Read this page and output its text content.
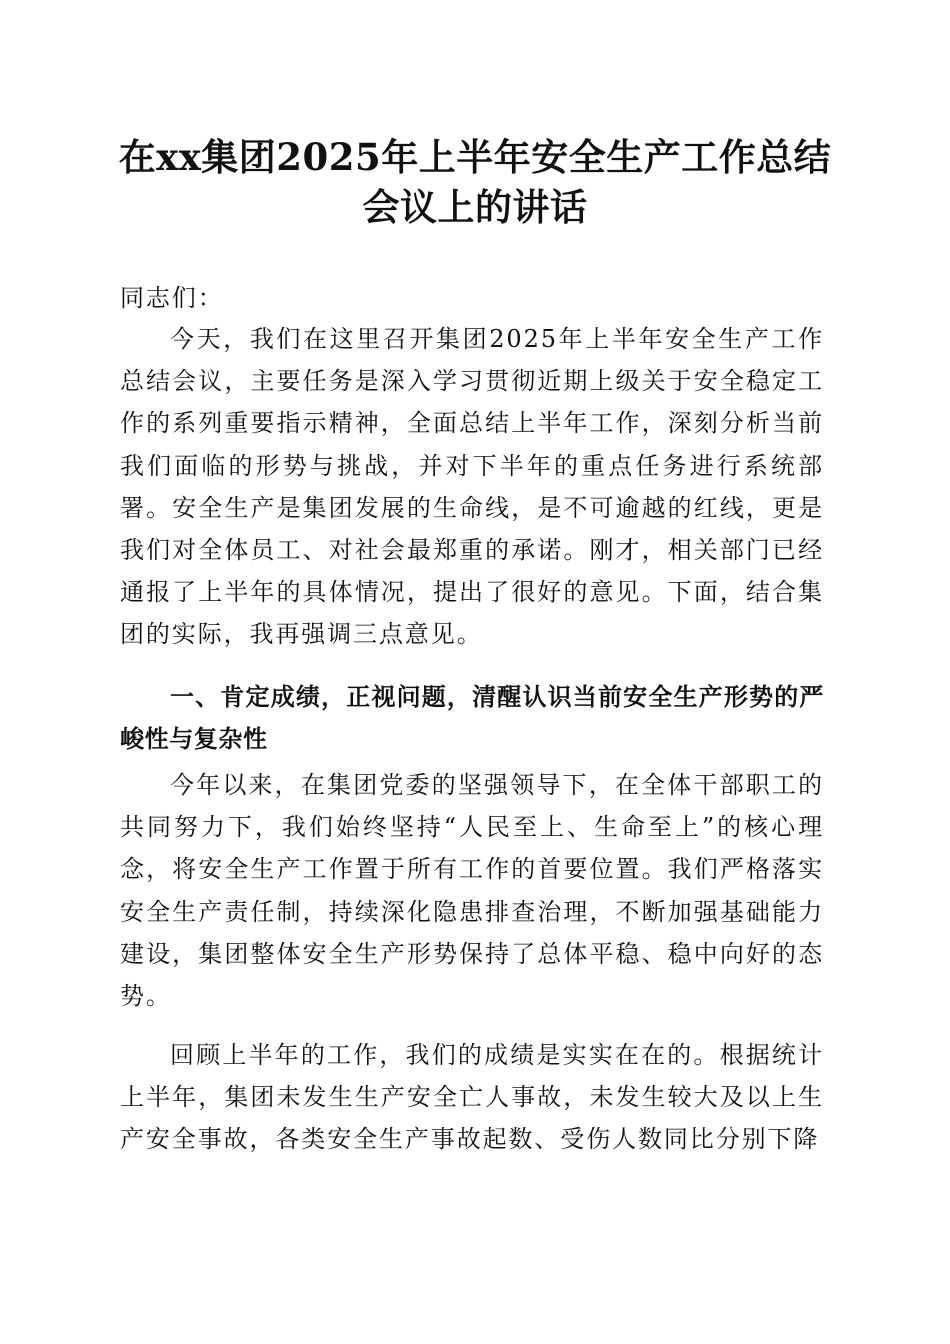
在xx集团2025年上半年安全生产工作总结会议上的讲话

同志们：

今天，我们在这里召开集团2025年上半年安全生产工作总结会议，主要任务是深入学习贯彻近期上级关于安全稳定工作的系列重要指示精神，全面总结上半年工作，深刻分析当前我们面临的形势与挑战，并对下半年的重点任务进行系统部署。安全生产是集团发展的生命线，是不可逾越的红线，更是我们对全体员工、对社会最郑重的承诺。刚才，相关部门已经通报了上半年的具体情况，提出了很好的意见。下面，结合集团的实际，我再强调三点意见。

一、肯定成绩，正视问题，清醒认识当前安全生产形势的严峻性与复杂性

今年以来，在集团党委的坚强领导下，在全体干部职工的共同努力下，我们始终坚持“人民至上、生命至上”的核心理念，将安全生产工作置于所有工作的首要位置。我们严格落实安全生产责任制，持续深化隐患排查治理，不断加强基础能力建设，集团整体安全生产形势保持了总体平稳、稳中向好的态势。

回顾上半年的工作，我们的成绩是实实在在的。根据统计上半年，集团未发生生产安全亡人事故，未发生较大及以上生产安全事故，各类安全生产事故起数、受伤人数同比分别下降
